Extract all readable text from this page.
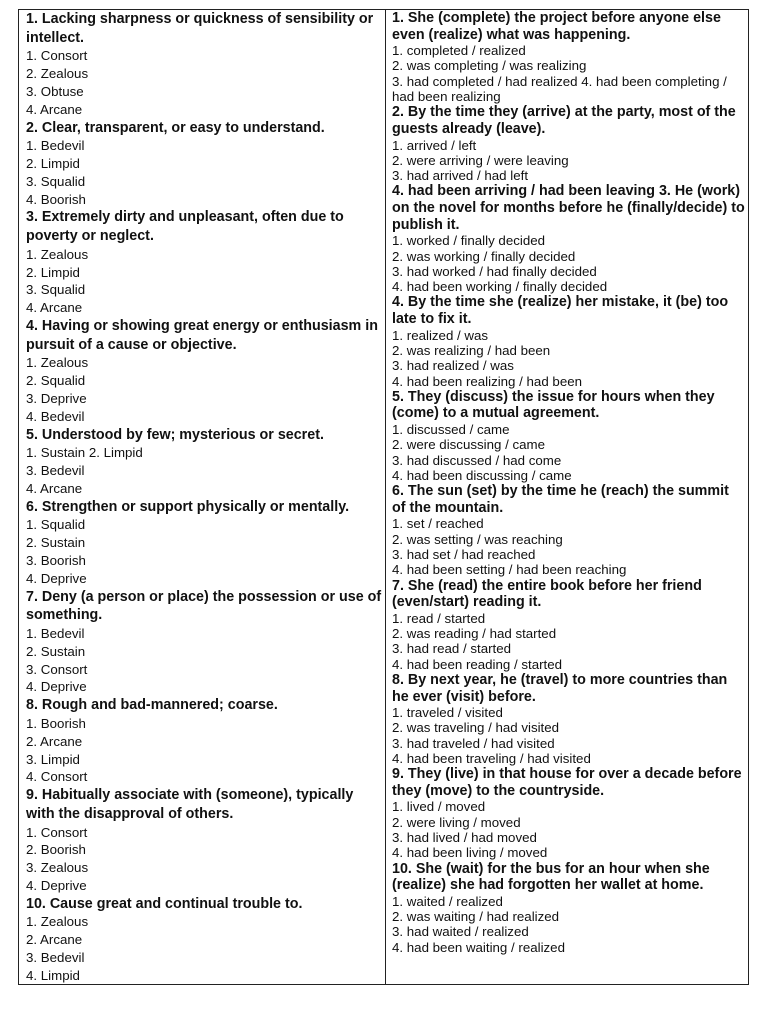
1. Lacking sharpness or quickness of sensibility or intellect.
1. Consort
2. Zealous
3. Obtuse
4. Arcane
2. Clear, transparent, or easy to understand.
1. Bedevil
2. Limpid
3. Squalid
4. Boorish
3. Extremely dirty and unpleasant, often due to poverty or neglect.
1. Zealous
2. Limpid
3. Squalid
4. Arcane
4. Having or showing great energy or enthusiasm in pursuit of a cause or objective.
1. Zealous
2. Squalid
3. Deprive
4. Bedevil
5. Understood by few; mysterious or secret.
1. Sustain 2. Limpid
3. Bedevil
4. Arcane
6. Strengthen or support physically or mentally.
1. Squalid
2. Sustain
3. Boorish
4. Deprive
7. Deny (a person or place) the possession or use of something.
1. Bedevil
2. Sustain
3. Consort
4. Deprive
8. Rough and bad-mannered; coarse.
1. Boorish
2. Arcane
3. Limpid
4. Consort
9. Habitually associate with (someone), typically with the disapproval of others.
1. Consort
2. Boorish
3. Zealous
4. Deprive
10. Cause great and continual trouble to.
1. Zealous
2. Arcane
3. Bedevil
4. Limpid
1. She (complete) the project before anyone else even (realize) what was happening.
1. completed / realized
2. was completing / was realizing
3. had completed / had realized 4. had been completing / had been realizing
2. By the time they (arrive) at the party, most of the guests already (leave).
1. arrived / left
2. were arriving / were leaving
3. had arrived / had left
4. had been arriving / had been leaving 3. He (work) on the novel for months before he (finally/decide) to publish it.
1. worked / finally decided
2. was working / finally decided
3. had worked / had finally decided
4. had been working / finally decided
4. By the time she (realize) her mistake, it (be) too late to fix it.
1. realized / was
2. was realizing / had been
3. had realized / was
4. had been realizing / had been
5. They (discuss) the issue for hours when they (come) to a mutual agreement.
1. discussed / came
2. were discussing / came
3. had discussed / had come
4. had been discussing / came
6. The sun (set) by the time he (reach) the summit of the mountain.
1. set / reached
2. was setting / was reaching
3. had set / had reached
4. had been setting / had been reaching
7. She (read) the entire book before her friend (even/start) reading it.
1. read / started
2. was reading / had started
3. had read / started
4. had been reading / started
8. By next year, he (travel) to more countries than he ever (visit) before.
1. traveled / visited
2. was traveling / had visited
3. had traveled / had visited
4. had been traveling / had visited
9. They (live) in that house for over a decade before they (move) to the countryside.
1. lived / moved
2. were living / moved
3. had lived / had moved
4. had been living / moved
10. She (wait) for the bus for an hour when she (realize) she had forgotten her wallet at home.
1. waited / realized
2. was waiting / had realized
3. had waited / realized
4. had been waiting / realized
